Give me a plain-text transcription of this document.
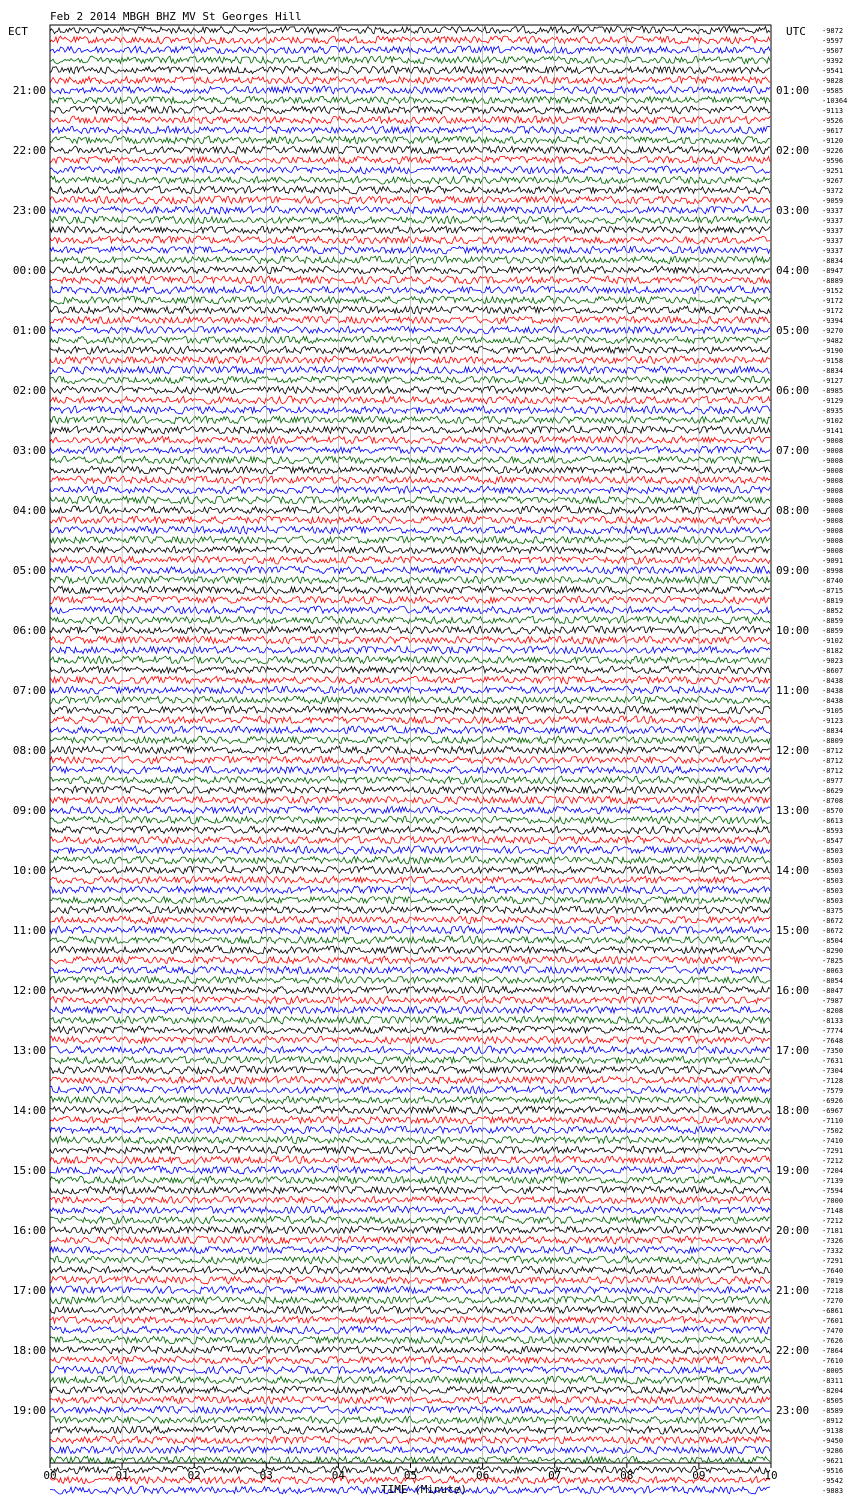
Feb 2 2014 MBGH BHZ MV St Georges Hill
ECT	UTC
21:00
22:00
23:00
00:00
01:00
02:00
03:00
04:00
05:00
06:00
07:00
08:00
09:00
10:00
11:00
12:00
13:00
14:00
15:00
16:00
17:00
18:00
19:00
01:00
02:00
03:00
04:00
05:00
06:00
07:00
08:00
09:00
10:00
11:00
12:00
13:00
14:00
15:00
16:00
17:00
18:00
19:00
20:00
21:00
22:00
23:00
-9872
-9597
-9507
-9392
-9541
-9828
-9585
-10364
-9113
-9526
-9617
-9120
-9226
-9596
-9251
-9267
-9372
-9059
-9337
-9337
-9337
-9337
-9337
-8834
-8947
-8889
-9152
-9172
-9172
-9394
-9270
-9482
-9190
-9158
-8834
-9127
-8985
-9129
-8935
-9102
-9141
-9008
-9008
-9008
-9008
-9008
-9008
-9008
-9008
-9008
-9008
-9008
-9008
-9091
-8998
-8740
-8715
-8819
-8852
-8859
-8859
-9102
-8182
-9023
-8607
-8438
-8438
-8438
-9105
-9123
-8834
-8809
-8712
-8712
-8712
-8977
-8629
-8708
-8570
-8613
-8593
-8547
-8503
-8503
-8503
-8503
-8503
-8503
-8375
-8672
-8672
-8504
-8290
-7825
-8063
-8054
-8047
-7987
-8208
-8133
-7774
-7648
-7350
-7631
-7304
-7128
-7579
-6926
-6967
-7110
-7502
-7410
-7291
-7212
-7204
-7139
-7594
-7000
-7148
-7212
-7181
-7326
-7332
-7291
-7640
-7019
-7218
-7270
-6861
-7601
-7470
-7626
-7864
-7610
-8005
-8311
-8204
-8505
-8589
-8912
-9138
-9450
-9286
-9621
-9516
-9542
-9883
00	01	02	03	04	05	06	07	08	09	10
TIME (Minute)
